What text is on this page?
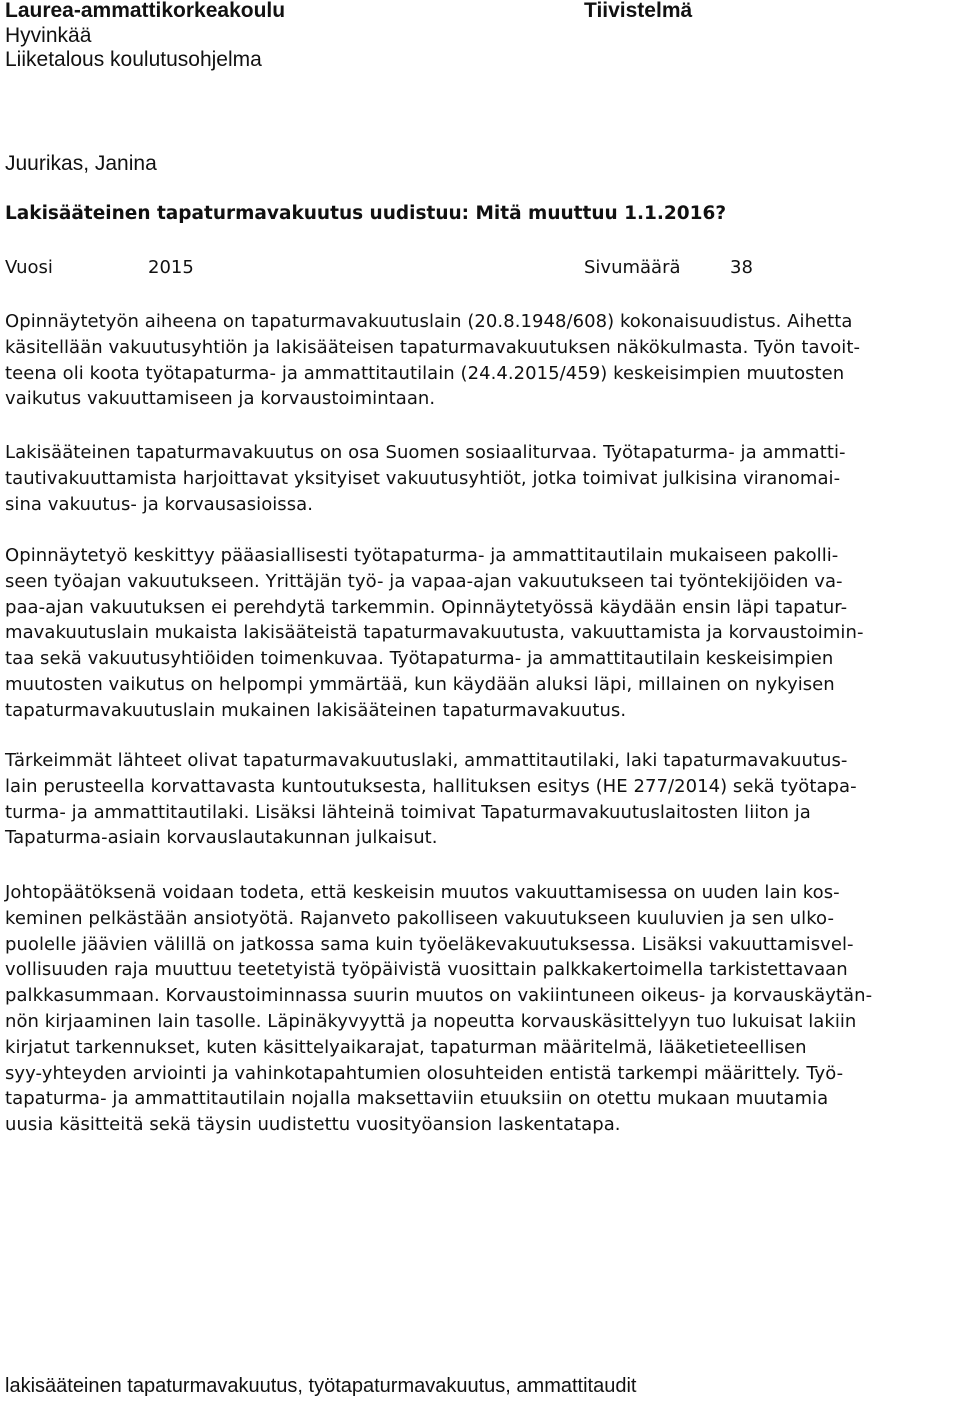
Laurea-ammattikorkeakoulu	Tiivistelmä
Hyvinkää
Liiketalous koulutusohjelma
Juurikas, Janina
Lakisääteinen tapaturmavakuutus uudistuu: Mitä muuttuu 1.1.2016?
Vuosi	2015	Sivumäärä	38
Opinnäytetyön aiheena on tapaturmavakuutuslain (20.8.1948/608) kokonaisuudistus. Aihetta
käsitellään vakuutusyhtiön ja lakisääteisen tapaturmavakuutuksen näkökulmasta. Työn tavoit-
teena oli koota työtapaturma- ja ammattitautilain (24.4.2015/459) keskeisimpien muutosten
vaikutus vakuuttamiseen ja korvaustoimintaan.
Lakisääteinen tapaturmavakuutus on osa Suomen sosiaaliturvaa. Työtapaturma- ja ammatti-
tautivakuuttamista harjoittavat yksityiset vakuutusyhtiöt, jotka toimivat julkisina viranomai-
sina vakuutus- ja korvausasioissa.
Opinnäytetyö keskittyy pääasiallisesti työtapaturma- ja ammattitautilain mukaiseen pakolli-
seen työajan vakuutukseen. Yrittäjän työ- ja vapaa-ajan vakuutukseen tai työntekijöiden va-
paa-ajan vakuutuksen ei perehdytä tarkemmin. Opinnäytetyössä käydään ensin läpi tapatur-
mavakuutuslain mukaista lakisääteistä tapaturmavakuutusta, vakuuttamista ja korvaustoimin-
taa sekä vakuutusyhtiöiden toimenkuvaa. Työtapaturma- ja ammattitautilain keskeisimpien
muutosten vaikutus on helpompi ymmärtää, kun käydään aluksi läpi, millainen on nykyisen
tapaturmavakuutuslain mukainen lakisääteinen tapaturmavakuutus.
Tärkeimmät lähteet olivat tapaturmavakuutuslaki, ammattitautilaki, laki tapaturmavakuutus-
lain perusteella korvattavasta kuntoutuksesta, hallituksen esitys (HE 277/2014) sekä työtapa-
turma- ja ammattitautilaki. Lisäksi lähteinä toimivat Tapaturmavakuutuslaitosten liiton ja
Tapaturma-asiain korvauslautakunnan julkaisut.
Johtopäätöksenä voidaan todeta, että keskeisin muutos vakuuttamisessa on uuden lain kos-
keminen pelkästään ansiotyötä. Rajanveto pakolliseen vakuutukseen kuuluvien ja sen ulko-
puolelle jäävien välillä on jatkossa sama kuin työeläkevakuutuksessa. Lisäksi vakuuttamisvel-
vollisuuden raja muuttuu teetetyistä työpäivistä vuosittain palkkakertoimella tarkistettavaan
palkkasummaan. Korvaustoiminnassa suurin muutos on vakiintuneen oikeus- ja korvauskäytän-
nön kirjaaminen lain tasolle. Läpinäkyvyyttä ja nopeutta korvauskäsittelyyn tuo lukuisat lakiin
kirjatut tarkennukset, kuten käsittelyaikarajat, tapaturman määritelmä, lääketieteellisen
syy-yhteyden arviointi ja vahinkotapahtumien olosuhteiden entistä tarkempi määrittely. Työ-
tapaturma- ja ammattitautilain nojalla maksettaviin etuuksiin on otettu mukaan muutamia
uusia käsitteitä sekä täysin uudistettu vuosityöansion laskentatapa.
lakisääteinen tapaturmavakuutus, työtapaturmavakuutus, ammattitaudit
